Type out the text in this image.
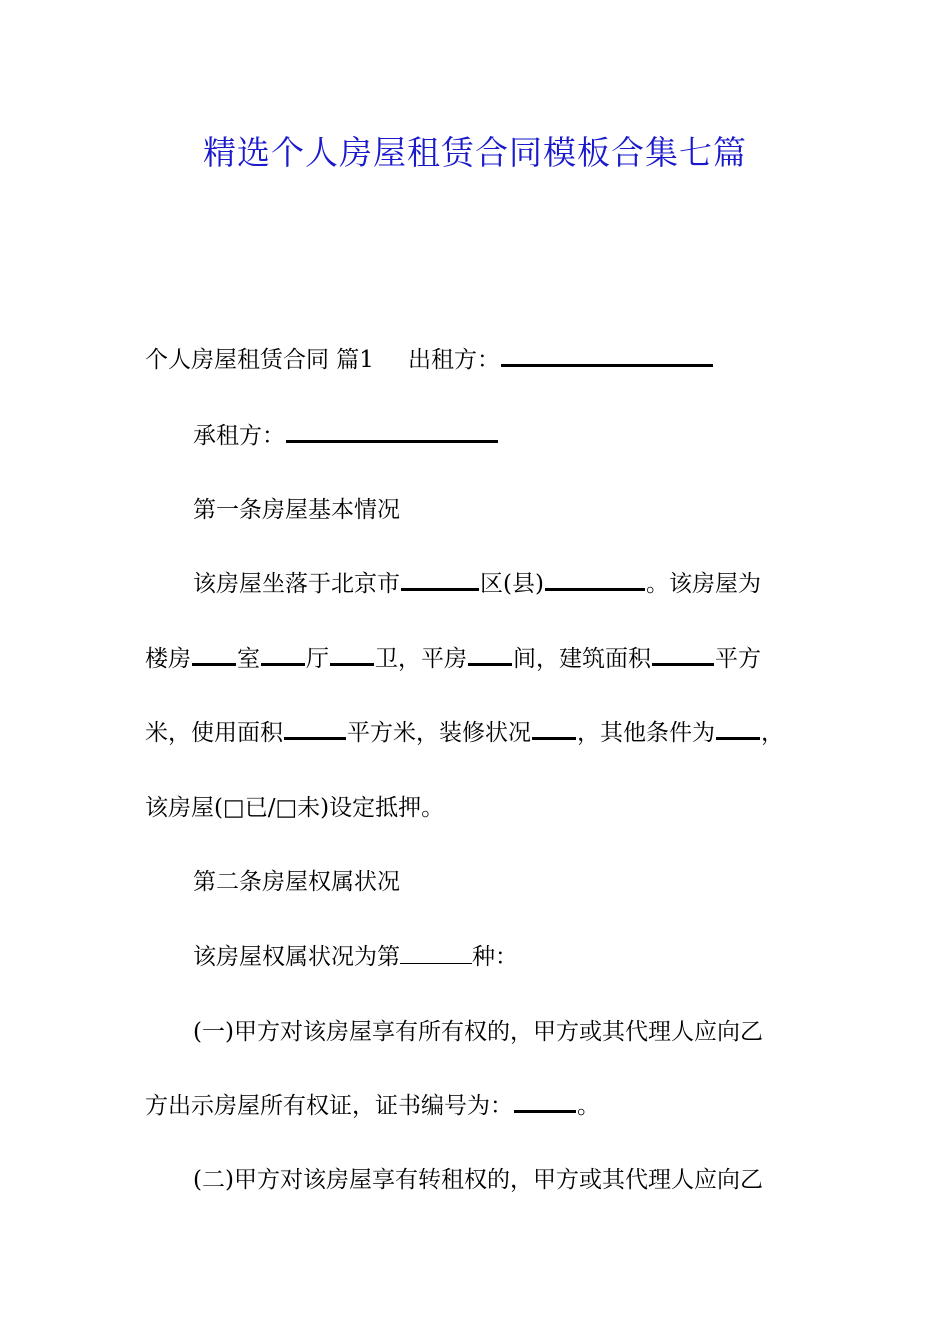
精选个人房屋租赁合同模板合集七篇
个人房屋租赁合同 篇1 出租方：
承租方：
第一条房屋基本情况
该房屋坐落于北京市	区(县)	。该房屋为
楼房 室 厅 卫，平房 间，建筑面积	平方
米，使用面积	平方米，装修状况 ，其他条件为 ，
该房屋(□已/□未)设定抵押。
第二条房屋权属状况
该房屋权属状况为第	种：
(一)甲方对该房屋享有所有权的，甲方或其代理人应向乙
方出示房屋所有权证，证书编号为：	。
(二)甲方对该房屋享有转租权的，甲方或其代理人应向乙
